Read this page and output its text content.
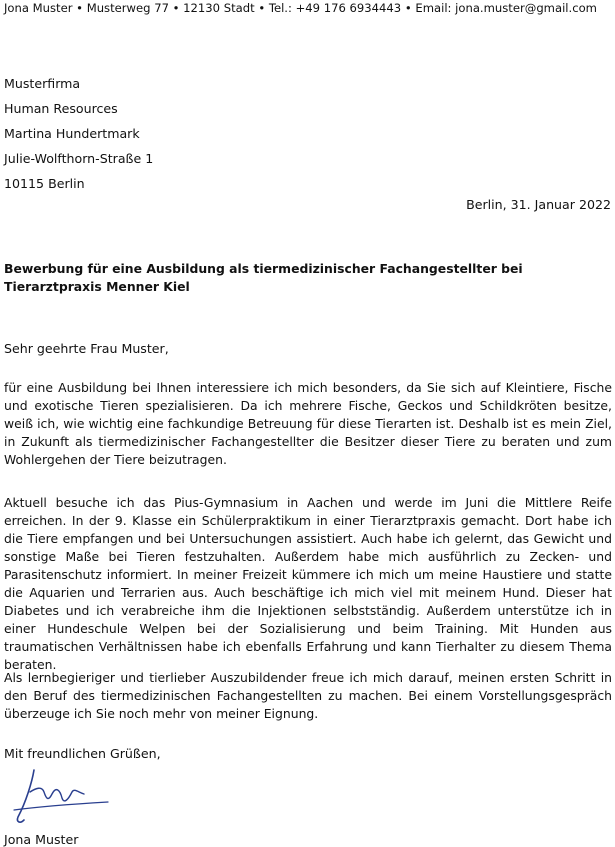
Jona Muster • Musterweg 77 • 12130 Stadt • Tel.: +49 176 6934443 • Email: jona.muster@gmail.com
Musterfirma
Human Resources
Martina Hundertmark
Julie-Wolfthorn-Straße 1
10115 Berlin
Berlin, 31. Januar 2022
Bewerbung für eine Ausbildung als tiermedizinischer Fachangestellter bei Tierarztpraxis Menner Kiel
Sehr geehrte Frau Muster,
für eine Ausbildung bei Ihnen interessiere ich mich besonders, da Sie sich auf Kleintiere, Fische und exotische Tieren spezialisieren. Da ich mehrere Fische, Geckos und Schildkröten besitze, weiß ich, wie wichtig eine fachkundige Betreuung für diese Tierarten ist. Deshalb ist es mein Ziel, in Zukunft als tiermedizinischer Fachangestellter die Besitzer dieser Tiere zu beraten und zum Wohlergehen der Tiere beizutragen.
Aktuell besuche ich das Pius-Gymnasium in Aachen und werde im Juni die Mittlere Reife erreichen. In der 9. Klasse ein Schülerpraktikum in einer Tierarztpraxis gemacht. Dort habe ich die Tiere empfangen und bei Untersuchungen assistiert. Auch habe ich gelernt, das Gewicht und sonstige Maße bei Tieren festzuhalten. Außerdem habe mich ausführlich zu Zecken- und Parasitenschutz informiert. In meiner Freizeit kümmere ich mich um meine Haustiere und statte die Aquarien und Terrarien aus. Auch beschäftige ich mich viel mit meinem Hund. Dieser hat Diabetes und ich verabreiche ihm die Injektionen selbstständig. Außerdem unterstütze ich in einer Hundeschule Welpen bei der Sozialisierung und beim Training. Mit Hunden aus traumatischen Verhältnissen habe ich ebenfalls Erfahrung und kann Tierhalter zu diesem Thema beraten.
Als lernbegieriger und tierlieber Auszubildender freue ich mich darauf, meinen ersten Schritt in den Beruf des tiermedizinischen Fachangestellten zu machen. Bei einem Vorstellungsgespräch überzeuge ich Sie noch mehr von meiner Eignung.
Mit freundlichen Grüßen,
Jona Muster
